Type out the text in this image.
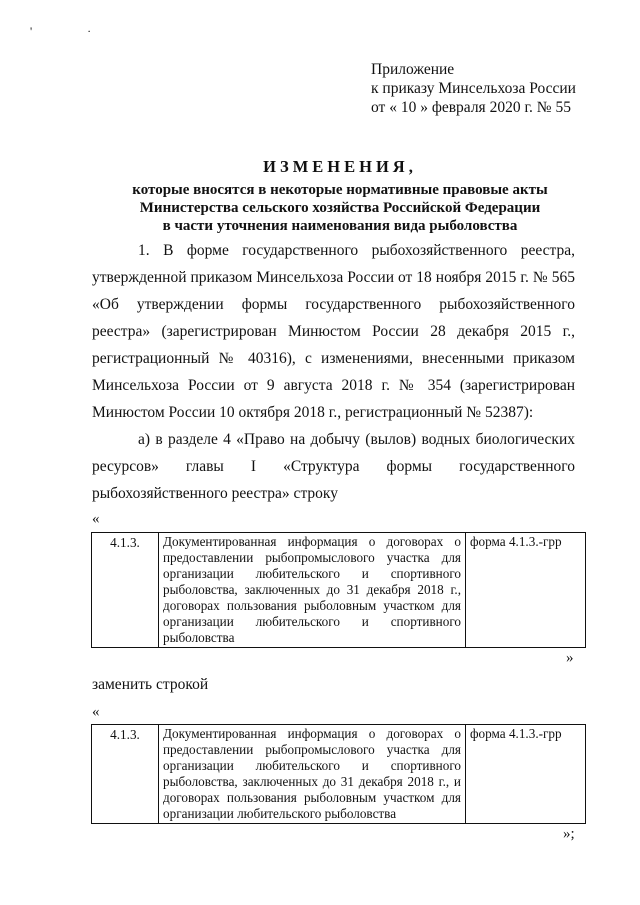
' ·
Приложение
к приказу Минсельхоза России
от « 10 » февраля 2020 г. № 55
ИЗМЕНЕНИЯ,
которые вносятся в некоторые нормативные правовые акты
Министерства сельского хозяйства Российской Федерации
в части уточнения наименования вида рыболовства
1. В форме государственного рыбохозяйственного реестра, утвержденной приказом Минсельхоза России от 18 ноября 2015 г. № 565 «Об утверждении формы государственного рыбохозяйственного реестра» (зарегистрирован Минюстом России 28 декабря 2015 г., регистрационный № 40316), с изменениями, внесенными приказом Минсельхоза России от 9 августа 2018 г. № 354 (зарегистрирован Минюстом России 10 октября 2018 г., регистрационный № 52387):
а) в разделе 4 «Право на добычу (вылов) водных биологических ресурсов» главы I «Структура формы государственного рыбохозяйственного реестра» строку
«
4.1.3.	Документированная информация о договорах о предоставлении рыбопромыслового участка для организации любительского и спортивного рыболовства, заключенных до 31 декабря 2018 г., договорах пользования рыболовным участком для организации любительского и спортивного рыболовства	форма 4.1.3.-грр
»
заменить строкой
«
4.1.3.	Документированная информация о договорах о предоставлении рыбопромыслового участка для организации любительского и спортивного рыболовства, заключенных до 31 декабря 2018 г., и договорах пользования рыболовным участком для организации любительского рыболовства	форма 4.1.3.-грр
»;
